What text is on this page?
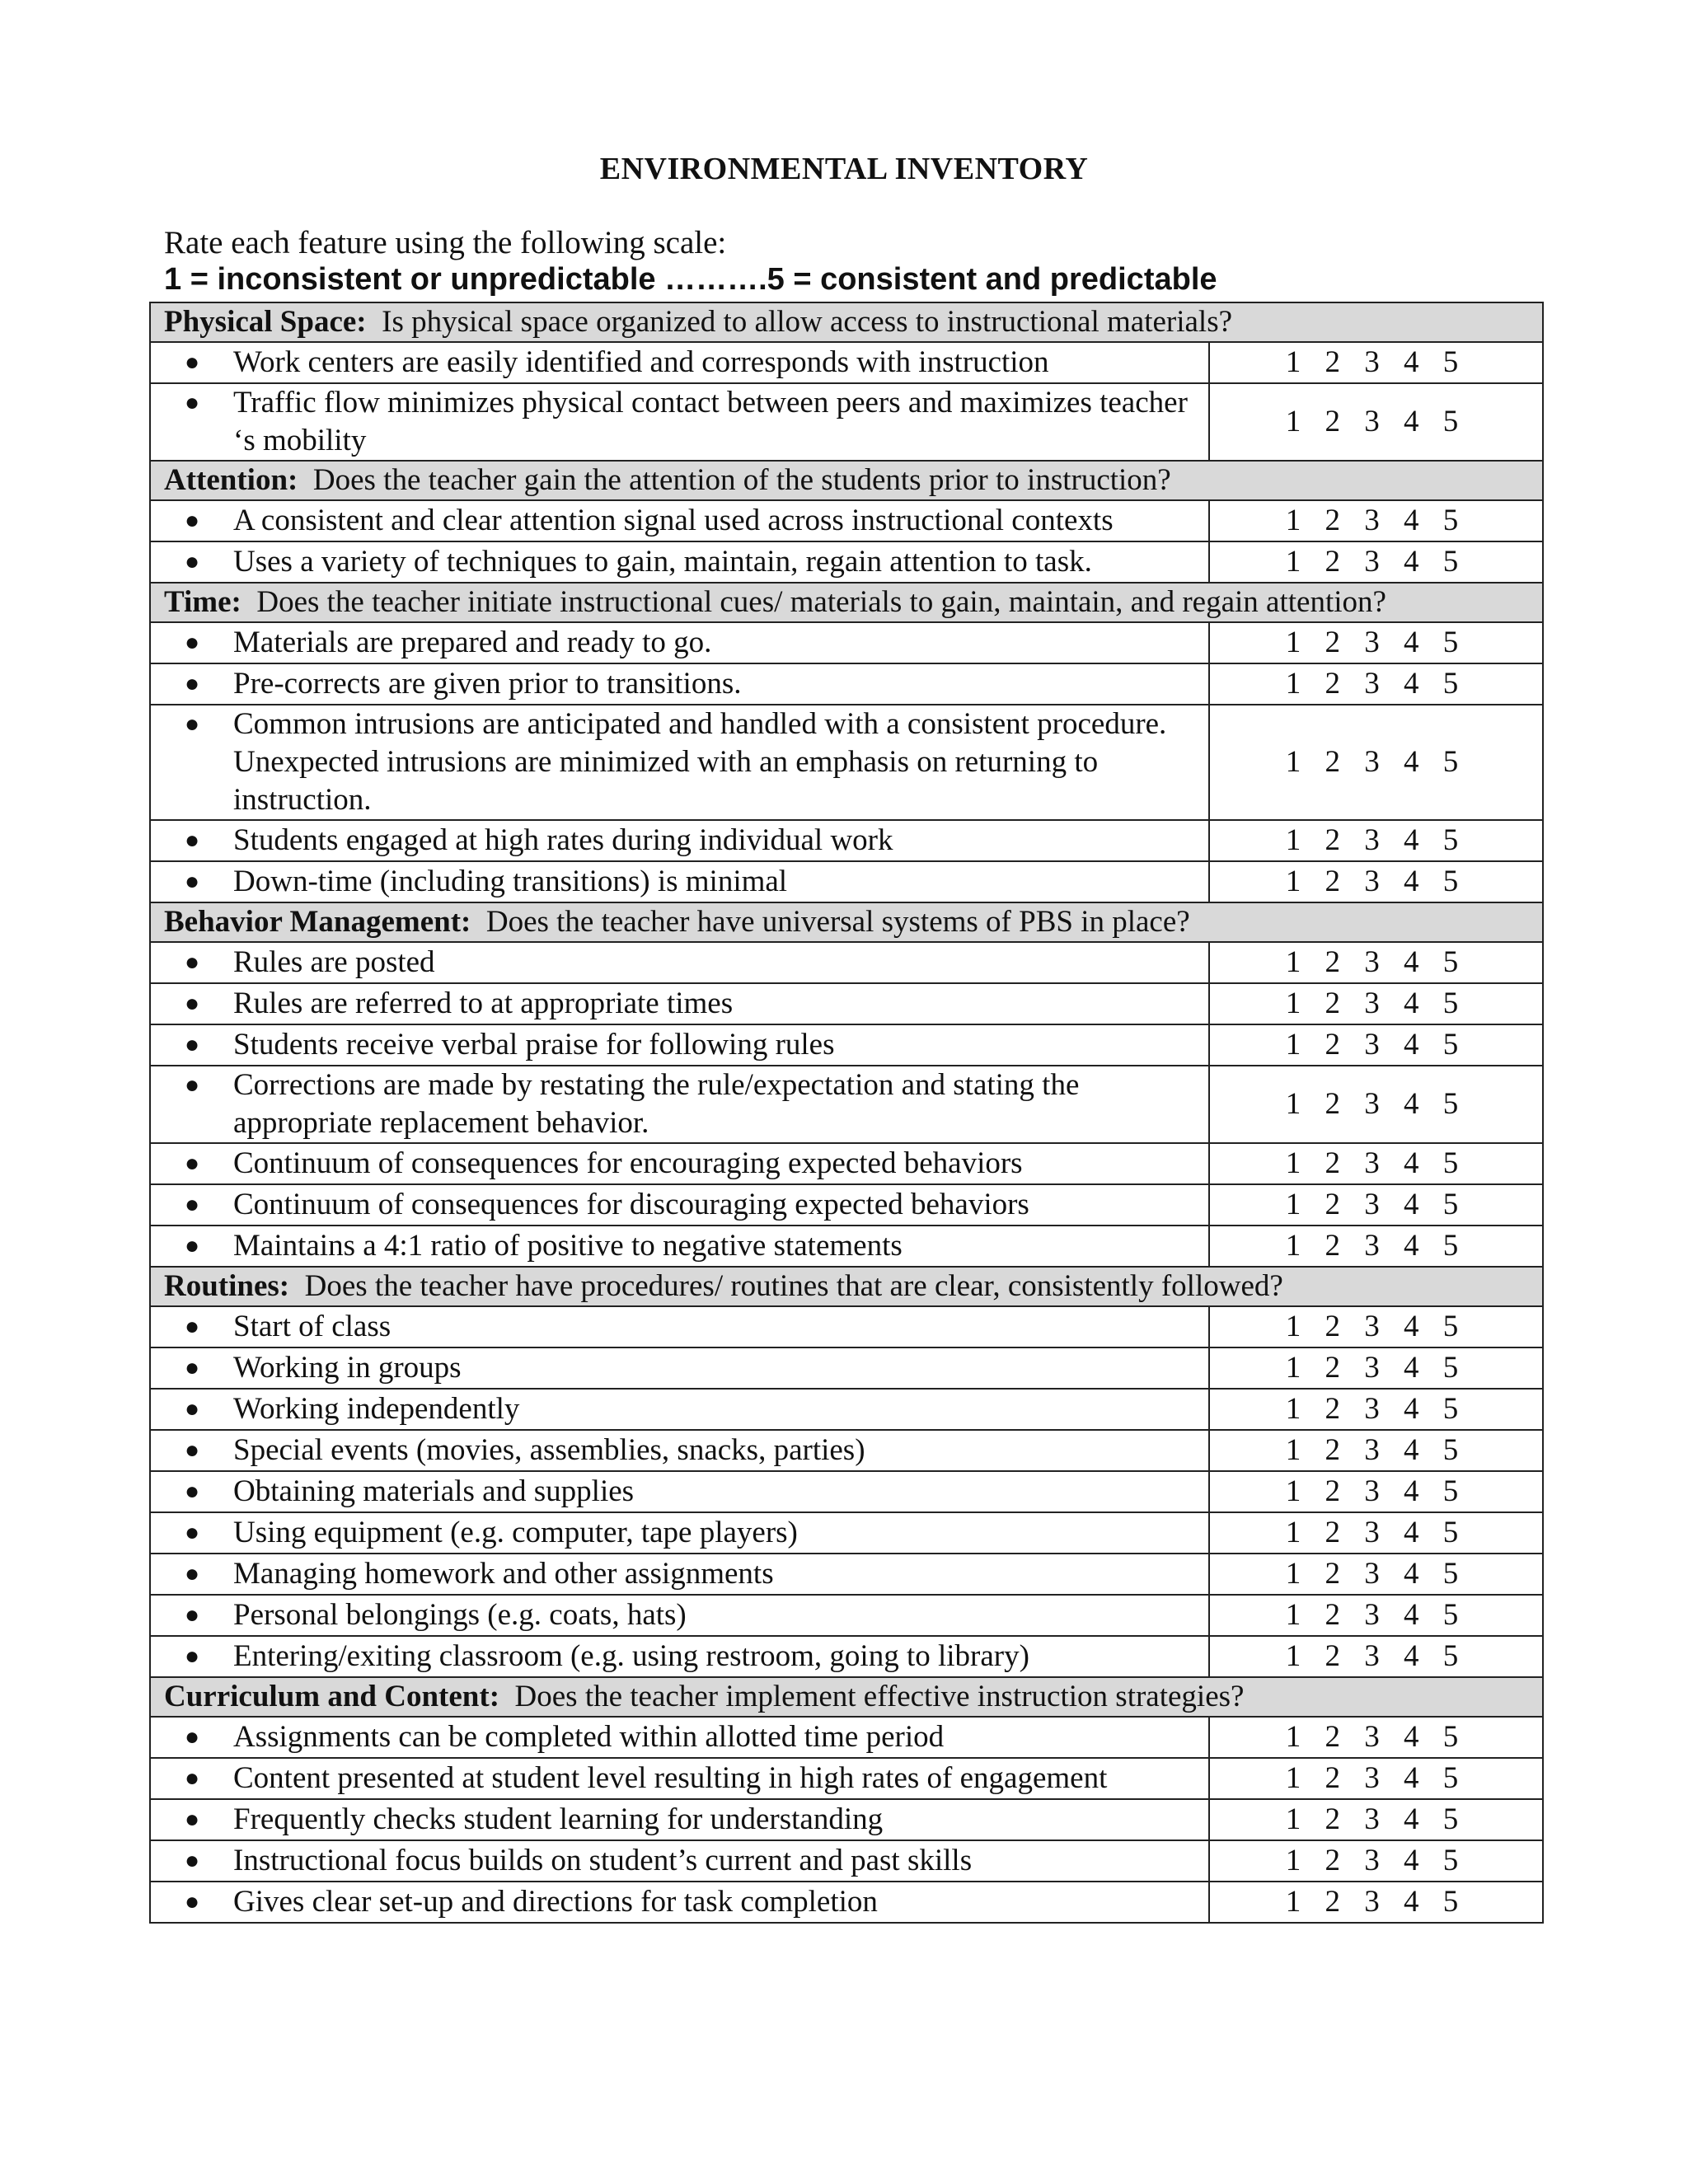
ENVIRONMENTAL INVENTORY
Rate each feature using the following scale:
1 = inconsistent or unpredictable ……….5 = consistent and predictable
Physical Space: Is physical space organized to allow access to instructional materials?	

● Work centers are easily identified and corresponds with instruction	1 2 3 4 5

● Traffic flow minimizes physical contact between peers and maximizes teacher ‘s mobility	1 2 3 4 5
Attention: Does the teacher gain the attention of the students prior to instruction?	

● A consistent and clear attention signal used across instructional contexts	1 2 3 4 5

● Uses a variety of techniques to gain, maintain, regain attention to task.	1 2 3 4 5
Time: Does the teacher initiate instructional cues/ materials to gain, maintain, and regain attention?	

● Materials are prepared and ready to go.	1 2 3 4 5

● Pre-corrects are given prior to transitions.	1 2 3 4 5

● Common intrusions are anticipated and handled with a consistent procedure. Unexpected intrusions are minimized with an emphasis on returning to instruction.	1 2 3 4 5

● Students engaged at high rates during individual work	1 2 3 4 5

● Down-time (including transitions) is minimal	1 2 3 4 5
Behavior Management: Does the teacher have universal systems of PBS in place?	

● Rules are posted	1 2 3 4 5

● Rules are referred to at appropriate times	1 2 3 4 5

● Students receive verbal praise for following rules	1 2 3 4 5

● Corrections are made by restating the rule/expectation and stating the appropriate replacement behavior.	1 2 3 4 5

● Continuum of consequences for encouraging expected behaviors	1 2 3 4 5

● Continuum of consequences for discouraging expected behaviors	1 2 3 4 5

● Maintains a 4:1 ratio of positive to negative statements	1 2 3 4 5
Routines: Does the teacher have procedures/ routines that are clear, consistently followed?	

● Start of class	1 2 3 4 5

● Working in groups	1 2 3 4 5

● Working independently	1 2 3 4 5

● Special events (movies, assemblies, snacks, parties)	1 2 3 4 5

● Obtaining materials and supplies	1 2 3 4 5

● Using equipment (e.g. computer, tape players)	1 2 3 4 5

● Managing homework and other assignments	1 2 3 4 5

● Personal belongings (e.g. coats, hats)	1 2 3 4 5

● Entering/exiting classroom (e.g. using restroom, going to library)	1 2 3 4 5
Curriculum and Content: Does the teacher implement effective instruction strategies?	

● Assignments can be completed within allotted time period	1 2 3 4 5

● Content presented at student level resulting in high rates of engagement	1 2 3 4 5

● Frequently checks student learning for understanding	1 2 3 4 5

● Instructional focus builds on student’s current and past skills	1 2 3 4 5

● Gives clear set-up and directions for task completion	1 2 3 4 5
